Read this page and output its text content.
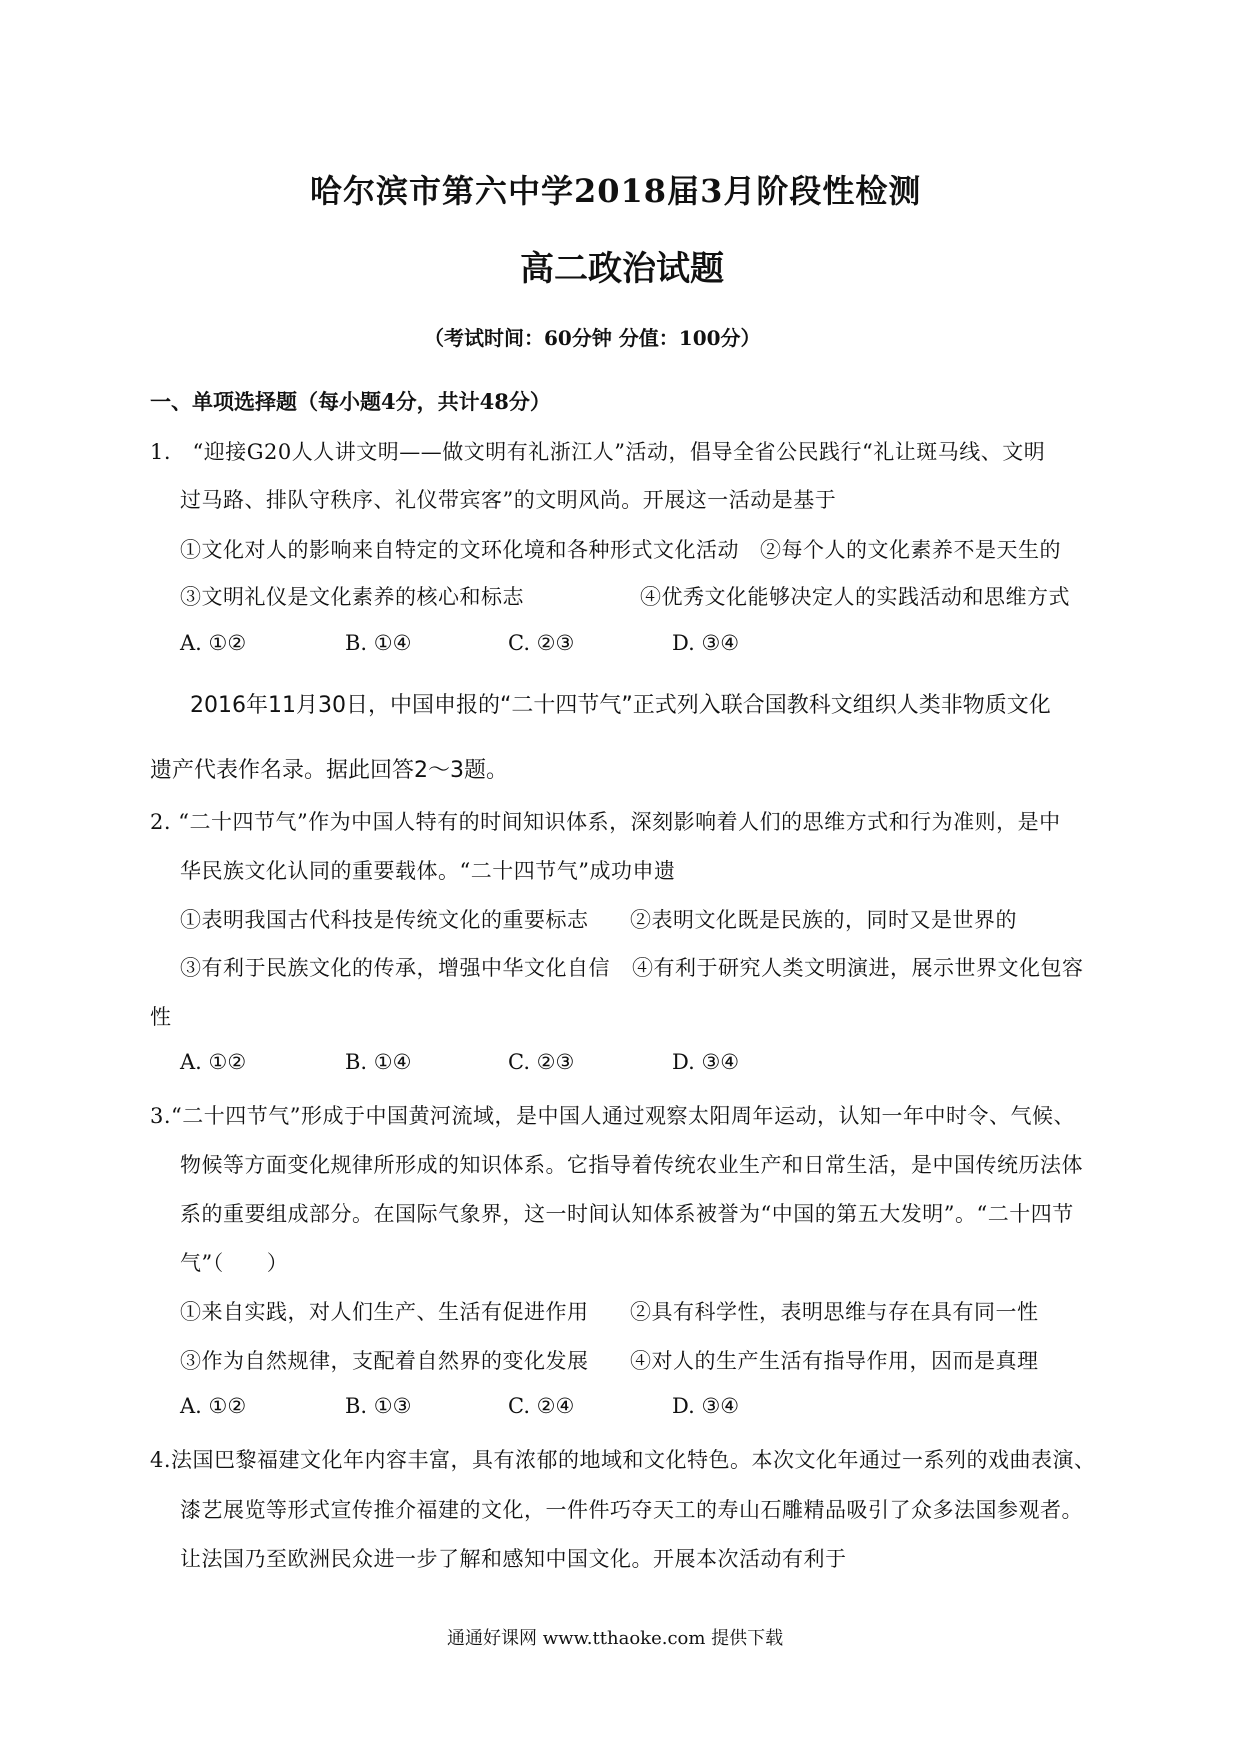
哈尔滨市第六中学2018届3月阶段性检测
高二政治试题
（考试时间：60分钟 分值：100分）
一、单项选择题（每小题4分，共计48分）
1.　“迎接G20人人讲文明——做文明有礼浙江人”活动，倡导全省公民践行“礼让斑马线、文明
过马路、排队守秩序、礼仪带宾客”的文明风尚。开展这一活动是基于
①文化对人的影响来自特定的文环化境和各种形式文化活动 ②每个人的文化素养不是天生的
③文明礼仪是文化素养的核心和标志	④优秀文化能够决定人的实践活动和思维方式
A. ①②	B. ①④	C. ②③	D. ③④
2016年11月30日，中国申报的“二十四节气”正式列入联合国教科文组织人类非物质文化
遗产代表作名录。据此回答2～3题。
2. “二十四节气”作为中国人特有的时间知识体系，深刻影响着人们的思维方式和行为准则，是中
华民族文化认同的重要载体。“二十四节气”成功申遗
①表明我国古代科技是传统文化的重要标志 ②表明文化既是民族的，同时又是世界的
③有利于民族文化的传承，增强中华文化自信 ④有利于研究人类文明演进，展示世界文化包容
性
A. ①②	B. ①④	C. ②③	D. ③④
3.“二十四节气”形成于中国黄河流域，是中国人通过观察太阳周年运动，认知一年中时令、气候、
物候等方面变化规律所形成的知识体系。它指导着传统农业生产和日常生活，是中国传统历法体
系的重要组成部分。在国际气象界，这一时间认知体系被誉为“中国的第五大发明”。“二十四节
气”（　　）
①来自实践，对人们生产、生活有促进作用 ②具有科学性，表明思维与存在具有同一性
③作为自然规律，支配着自然界的变化发展 ④对人的生产生活有指导作用，因而是真理
A. ①②	B. ①③	C. ②④	D. ③④
4.法国巴黎福建文化年内容丰富，具有浓郁的地域和文化特色。本次文化年通过一系列的戏曲表演、
漆艺展览等形式宣传推介福建的文化，一件件巧夺天工的寿山石雕精品吸引了众多法国参观者。
让法国乃至欧洲民众进一步了解和感知中国文化。开展本次活动有利于
通通好课网 www.tthaoke.com 提供下载
